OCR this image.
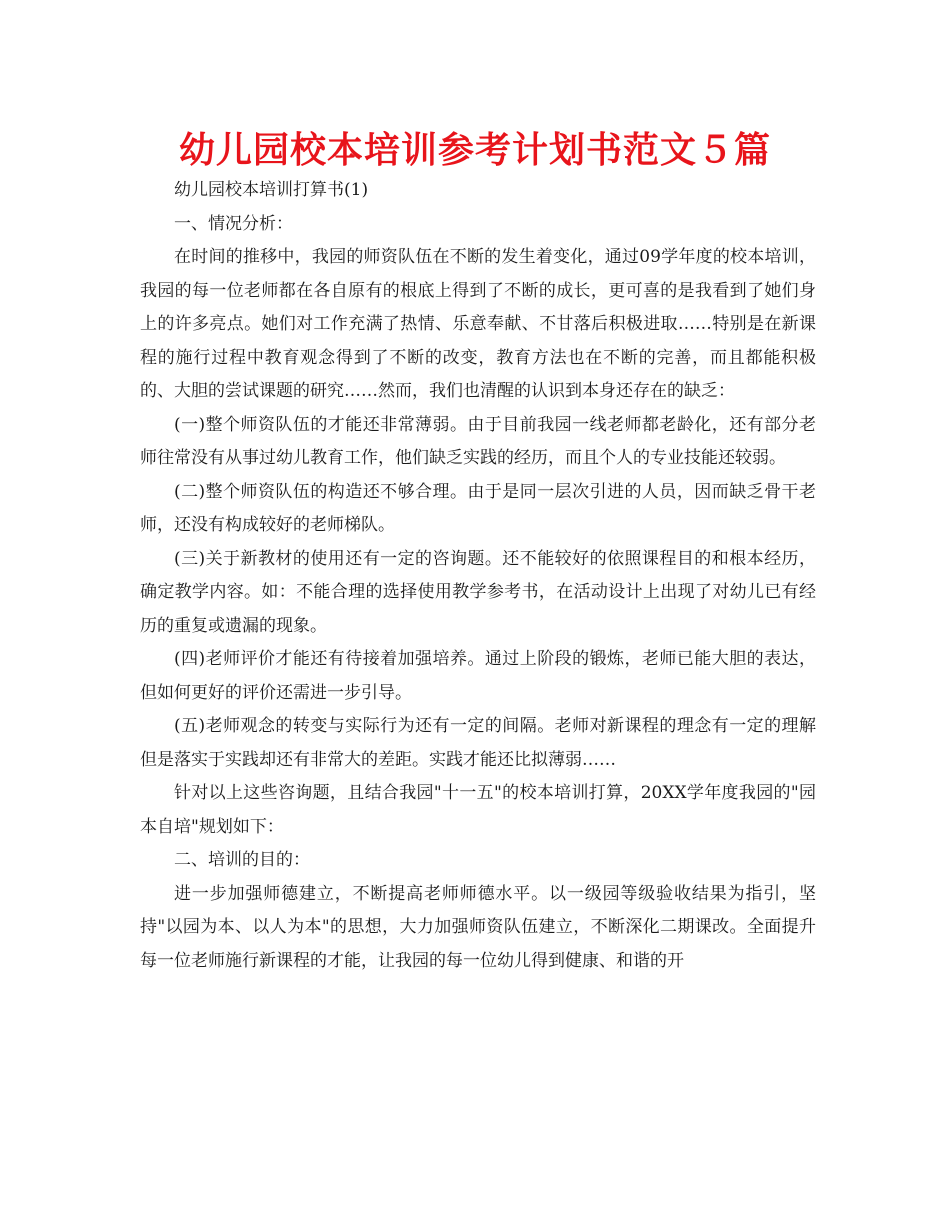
幼儿园校本培训参考计划书范文５篇

幼儿园校本培训打算书(1)

一、情况分析：

在时间的推移中，我园的师资队伍在不断的发生着变化，通过09学年度的校本培训，我园的每一位老师都在各自原有的根底上得到了不断的成长，更可喜的是我看到了她们身上的许多亮点。她们对工作充满了热情、乐意奉献、不甘落后积极进取……特别是在新课程的施行过程中教育观念得到了不断的改变，教育方法也在不断的完善，而且都能积极的、大胆的尝试课题的研究……然而，我们也清醒的认识到本身还存在的缺乏：

(一)整个师资队伍的才能还非常薄弱。由于目前我园一线老师都老龄化，还有部分老师往常没有从事过幼儿教育工作，他们缺乏实践的经历，而且个人的专业技能还较弱。

(二)整个师资队伍的构造还不够合理。由于是同一层次引进的人员，因而缺乏骨干老师，还没有构成较好的老师梯队。

(三)关于新教材的使用还有一定的咨询题。还不能较好的依照课程目的和根本经历，确定教学内容。如：不能合理的选择使用教学参考书，在活动设计上出现了对幼儿已有经历的重复或遗漏的现象。

(四)老师评价才能还有待接着加强培养。通过上阶段的锻炼，老师已能大胆的表达，但如何更好的评价还需进一步引导。

(五)老师观念的转变与实际行为还有一定的间隔。老师对新课程的理念有一定的理解但是落实于实践却还有非常大的差距。实践才能还比拟薄弱……

针对以上这些咨询题，且结合我园"十一五"的校本培训打算，20XX学年度我园的"园本自培"规划如下：

二、培训的目的：

进一步加强师德建立，不断提高老师师德水平。以一级园等级验收结果为指引，坚持"以园为本、以人为本"的思想，大力加强师资队伍建立，不断深化二期课改。全面提升每一位老师施行新课程的才能，让我园的每一位幼儿得到健康、和谐的开
